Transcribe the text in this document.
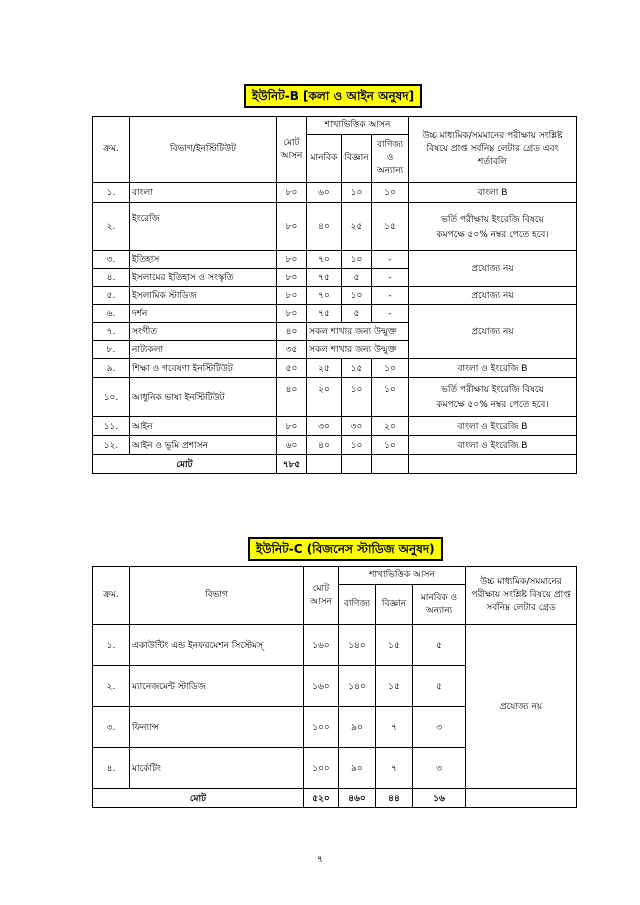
ইউনিট-B [কলা ও আইন অনুষদ]
ক্রম.	বিভাগ/ইনস্টিটিউট	মোট আসন	শাখাভিত্তিক আসন			উচ্চ মাধ্যমিক/সমমানের পরীক্ষায় সংশ্লিষ্ট বিষয়ে প্রাপ্ত সর্বনিম্ন লেটার গ্রেড এবং শর্তাবলি
			মানবিক	বিজ্ঞান	বাণিজ্য ও অন্যান্য	
১.	বাংলা	৮০	৬০	১০	১০	বাংলা B
২.	ইংরেজি	৮০	৪০	২৫	১৫	ভর্তি পরীক্ষায় ইংরেজি বিষয়ে
কমপক্ষে ৫০% নম্বর পেতে হবে।

৩.	ইতিহাস	৮০	৭০	১০	-	প্রযোজ্য নয়
৪.	ইসলামের ইতিহাস ও সংস্কৃতি	৮০	৭৫	৫	-	
৫.	ইসলামিক স্টাডিজ	৮০	৭০	১০	-	প্রযোজ্য নয়
৬.	দর্শন	৮০	৭৫	৫	-	প্রযোজ্য নয়
৭.	সংগীত	৪০	সকল শাখার জন্য উন্মুক্ত			
৮.	নাট্যকলা	৩৫	সকল শাখার জন্য উন্মুক্ত			
৯.	শিক্ষা ও গবেষণা ইনস্টিটিউট	৫০	২৫	১৫	১০	বাংলা ও ইংরেজি B
১০.	আধুনিক ভাষা ইনস্টিটিউট	৪০	২০	১০	১০	ভর্তি পরীক্ষায় ইংরেজি বিষয়ে
কমপক্ষে ৫০% নম্বর পেতে হবে।

১১.	আইন	৮০	৩০	৩০	২০	বাংলা ও ইংরেজি B
১২.	আইন ও ভূমি প্রশাসন	৬০	৪০	১০	১০	বাংলা ও ইংরেজি B
মোট		৭৮৫				
ইউনিট-C (বিজনেস স্টাডিজ অনুষদ)
ক্রম.	বিভাগ	মোট আসন	শাখাভিত্তিক আসন			উচ্চ মাধ্যমিক/সমমানের পরীক্ষায় সংশ্লিষ্ট বিষয়ে প্রাপ্ত সর্বনিম্ন লেটার গ্রেড
			বাণিজ্য	বিজ্ঞান	মানবিক ও অন্যান্য	
১.	একাউন্টিং এন্ড ইনফরমেশন সিস্টেমস্	১৬০	১৪০	১৫	৫	প্রযোজ্য নয়
২.	ম্যানেজমেন্ট স্টাডিজ	১৬০	১৪০	১৫	৫	
৩.	ফিন্যান্স	১০০	৯০	৭	৩	
৪.	মার্কেটিং	১০০	৯০	৭	৩	
মোট		৫২০	৪৬০	৪৪	১৬	
৭
